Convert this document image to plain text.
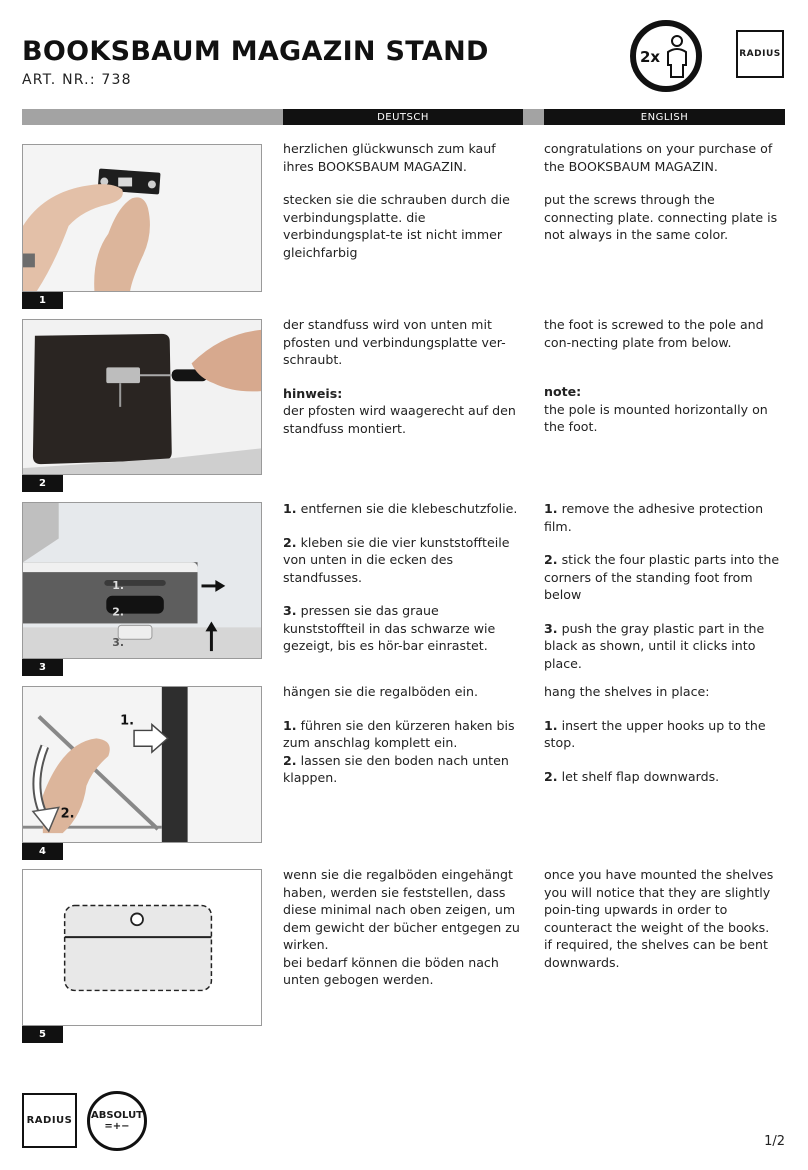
BOOKSBAUM MAGAZIN STAND
ART. NR.: 738
2x	RADIUS
DEUTSCH	ENGLISH
1

herzlichen glückwunsch zum kauf ihres BOOKSBAUM MAGAZIN.

stecken sie die schrauben durch die verbindungsplatte. die verbindungsplat-te ist nicht immer gleichfarbig

congratulations on your purchase of the BOOKSBAUM MAGAZIN.

put the screws through the connecting plate. connecting plate is not always in the same color.

2

der standfuss wird von unten mit pfosten und verbindungsplatte ver-schraubt.

hinweis:

der pfosten wird waagerecht auf den standfuss montiert.

the foot is screwed to the pole and con-necting plate from below.

note:

the pole is mounted horizontally on the foot.

1.
2.
3.
3

1. entfernen sie die klebeschutzfolie.

2. kleben sie die vier kunststoffteile von unten in die ecken des standfusses.

3. pressen sie das graue kunststoffteil in das schwarze wie gezeigt, bis es hör-bar einrastet.

1. remove the adhesive protection film.

2. stick the four plastic parts into the corners of the standing foot from below

3. push the gray plastic part in the black as shown, until it clicks into place.

1.
2.
4

hängen sie die regalböden ein.

1. führen sie den kürzeren haken bis zum anschlag komplett ein.

2. lassen sie den boden nach unten klappen.

hang the shelves in place:

1. insert the upper hooks up to the stop.

2. let shelf flap downwards.

5
wenn sie die regalböden eingehängt haben, werden sie feststellen, dass diese minimal nach oben zeigen, um dem gewicht der bücher entgegen zu wirken.
bei bedarf können die böden nach unten gebogen werden.
once you have mounted the shelves you will notice that they are slightly poin-ting upwards in order to counteract the weight of the books.
if required, the shelves can be bent downwards.
RADIUS	ABSOLUT
=+−
1/2
